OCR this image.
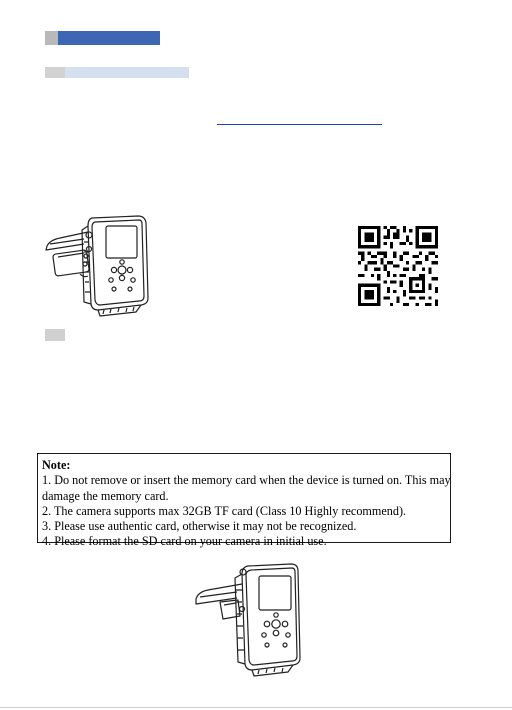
Note:

1. Do not remove or insert the memory card when the device is turned on. This may

damage the memory card.

2. The camera supports max 32GB TF card (Class 10 Highly recommend).

3. Please use authentic card, otherwise it may not be recognized.

4. Please format the SD card on your camera in initial use.
